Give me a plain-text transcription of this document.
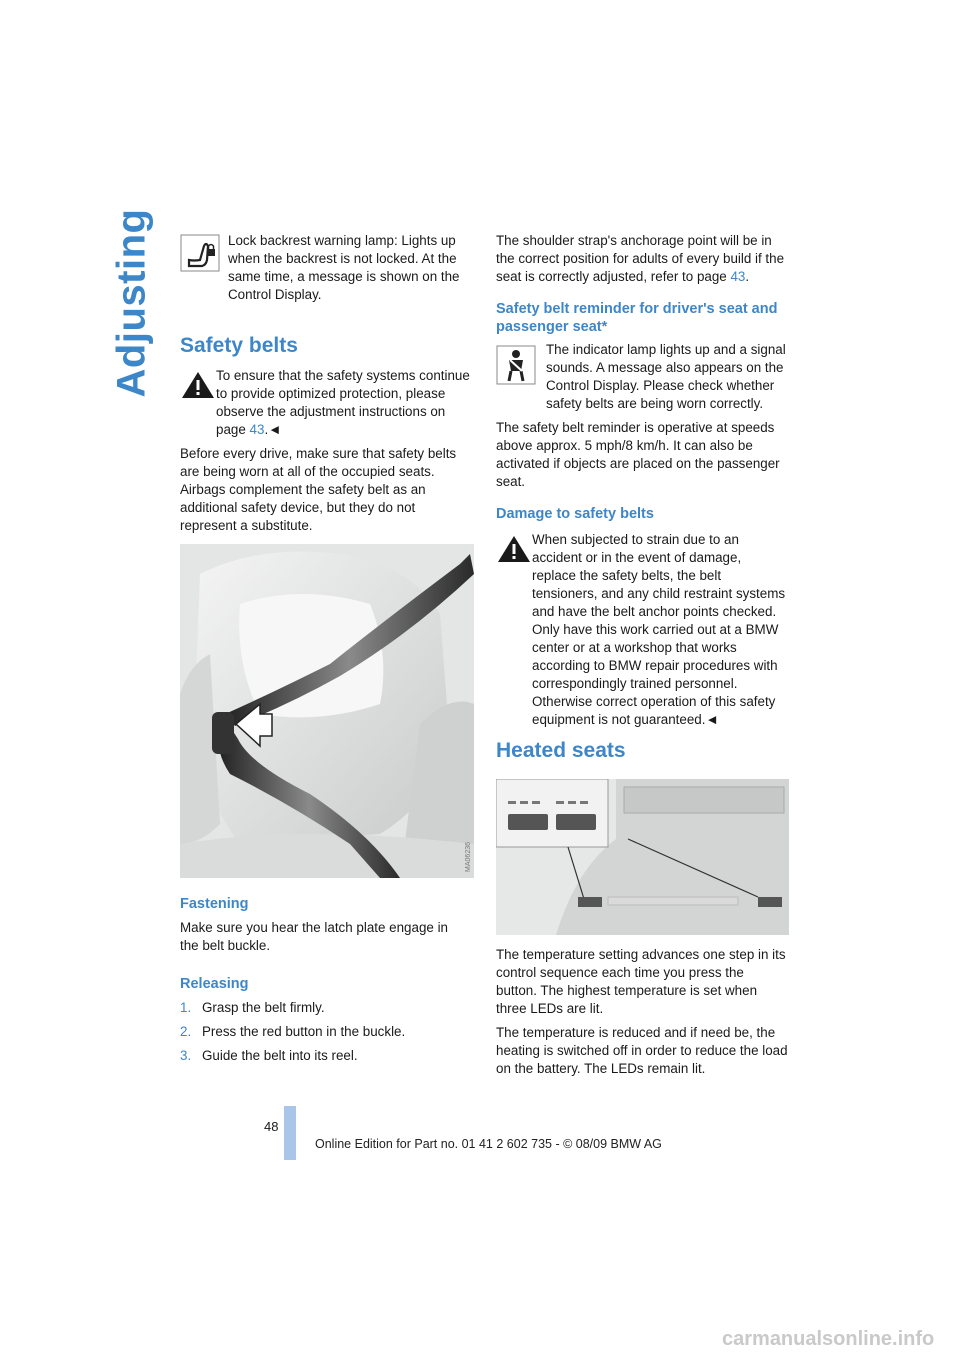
Adjusting	Lock backrest warning lamp: Lights up when the backrest is not locked. At the same time, a message is shown on the Control Display.

Safety belts

To ensure that the safety systems continue to provide optimized protection, please observe the adjustment instructions on page 43.◄

Before every drive, make sure that safety belts are being worn at all of the occupied seats. Airbags complement the safety belt as an additional safety device, but they do not represent a substitute.

MA06236
Fastening

Make sure you hear the latch plate engage in the belt buckle.

Releasing

1. Grasp the belt firmly.

2. Press the red button in the buckle.

3. Guide the belt into its reel.

The shoulder strap's anchorage point will be in the correct position for adults of every build if the seat is correctly adjusted, refer to page 43.

Safety belt reminder for driver's seat and passenger seat*

The indicator lamp lights up and a signal sounds. A message also appears on the Control Display. Please check whether safety belts are being worn correctly.

The safety belt reminder is operative at speeds above approx. 5 mph/8 km/h. It can also be activated if objects are placed on the passenger seat.

Damage to safety belts

When subjected to strain due to an accident or in the event of damage, replace the safety belts, the belt tensioners, and any child restraint systems and have the belt anchor points checked. Only have this work carried out at a BMW center or at a workshop that works according to BMW repair procedures with correspondingly trained personnel. Otherwise correct operation of this safety equipment is not guaranteed.◄

Heated seats

The temperature setting advances one step in its control sequence each time you press the button. The highest temperature is set when three LEDs are lit.

The temperature is reduced and if need be, the heating is switched off in order to reduce the load on the battery. The LEDs remain lit.

48
Online Edition for Part no. 01 41 2 602 735 - © 08/09 BMW AG
carmanualsonline.info
